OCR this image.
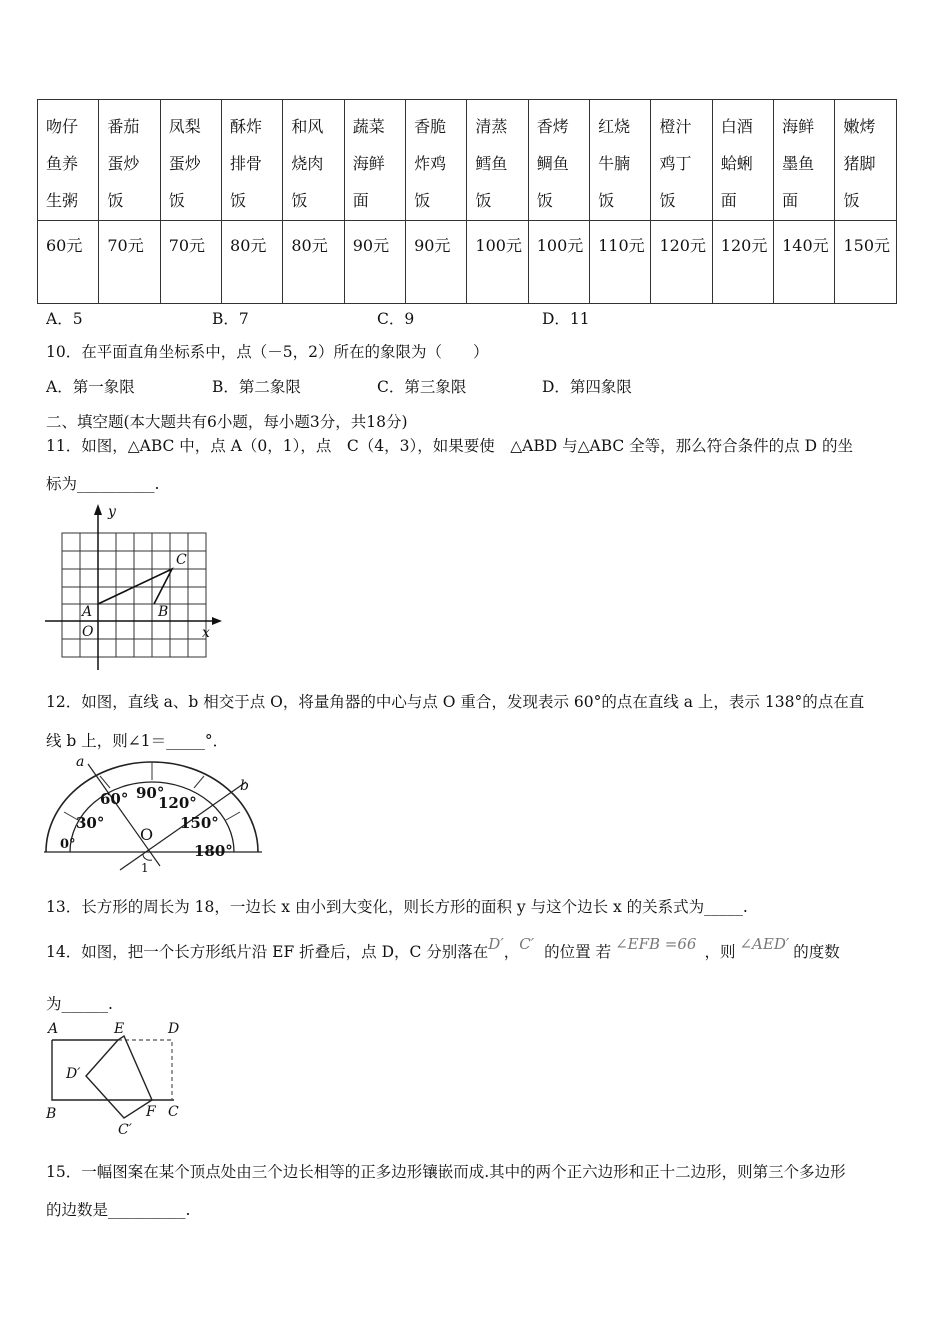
吻仔鱼养生粥	番茄蛋炒饭	凤梨蛋炒饭	酥炸排骨饭	和风烧肉饭	蔬菜海鲜面	香脆炸鸡饭	清蒸鳕鱼饭	香烤鲷鱼饭	红烧牛腩饭	橙汁鸡丁饭	白酒蛤蜊面	海鲜墨鱼面	嫩烤猪脚饭

60元	70元	70元	80元	80元	90元	90元	100元	100元	110元	120元	120元	140元	150元
A．5	B．7	C．9	D．11
10．在平面直角坐标系中，点（－5，2）所在的象限为（　　）
A．第一象限	B．第二象限	C．第三象限	D．第四象限
二、填空题(本大题共有6小题，每小题3分，共18分)
11．如图，△ABC 中，点 A（0，1），点　C（4，3），如果要使　△ABD 与△ABC 全等，那么符合条件的点 D 的坐
标为__________.
y
x
A	B
C
O
12．如图，直线 a、b 相交于点 O，将量角器的中心与点 O 重合，发现表示 60°的点在直线 a 上，表示 138°的点在直
线 b 上，则∠1＝_____°．
0°
30°
60° 90°
120°
150°
180°
a
b
O
1
13．长方形的周长为 18，一边长 x 由小到大变化，则长方形的面积 y 与这个边长 x 的关系式为_____.
14．如图，把一个长方形纸片沿 EF 折叠后，点 D，C 分别落在D′，C′ 的位置 若 ∠EFB =66 ，则 ∠AED′ 的度数
为______.
A	E	D
D′
B	F C
C′
15．一幅图案在某个顶点处由三个边长相等的正多边形镶嵌而成.其中的两个正六边形和正十二边形，则第三个多边形
的边数是__________.
